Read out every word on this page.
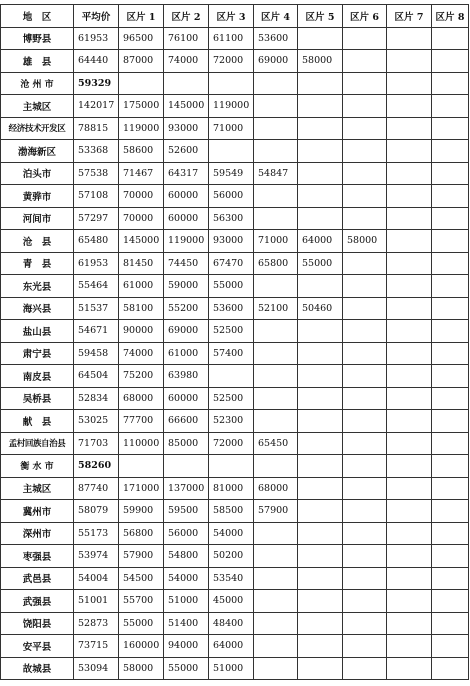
地　区	平均价	区片 1	区片 2	区片 3	区片 4	区片 5	区片 6	区片 7	区片 8
博野县	61953	96500	76100	61100	53600				
雄　县	64440	87000	74000	72000	69000	58000			
沧 州 市	59329								
主城区	142017	175000	145000	119000					
经济技术开发区	78815	119000	93000	71000					
渤海新区	53368	58600	52600						
泊头市	57538	71467	64317	59549	54847				
黄骅市	57108	70000	60000	56000					
河间市	57297	70000	60000	56300					
沧　县	65480	145000	119000	93000	71000	64000	58000		
青　县	61953	81450	74450	67470	65800	55000			
东光县	55464	61000	59000	55000					
海兴县	51537	58100	55200	53600	52100	50460			
盐山县	54671	90000	69000	52500					
肃宁县	59458	74000	61000	57400					
南皮县	64504	75200	63980						
吴桥县	52834	68000	60000	52500					
献　县	53025	77700	66600	52300					
孟村回族自治县	71703	110000	85000	72000	65450				
衡 水 市	58260								
主城区	87740	171000	137000	81000	68000				
冀州市	58079	59900	59500	58500	57900				
深州市	55173	56800	56000	54000					
枣强县	53974	57900	54800	50200					
武邑县	54004	54500	54000	53540					
武强县	51001	55700	51000	45000					
饶阳县	52873	55000	51400	48400					
安平县	73715	160000	94000	64000					
故城县	53094	58000	55000	51000					
